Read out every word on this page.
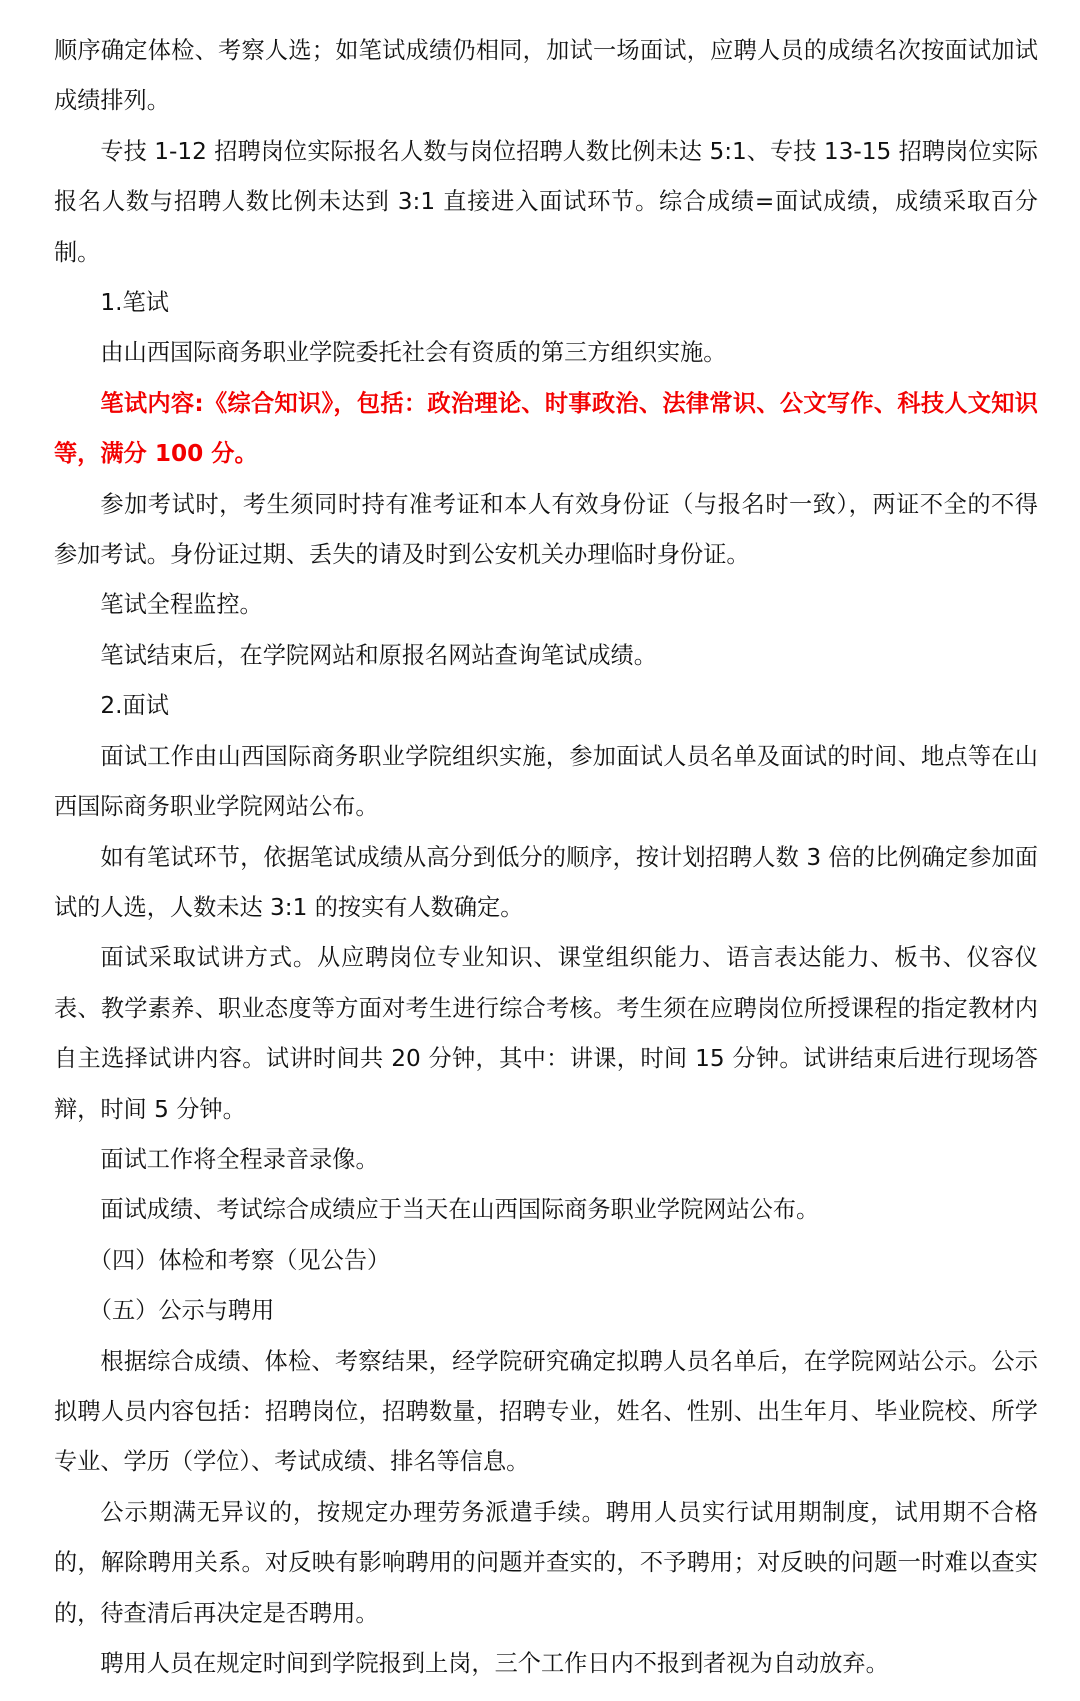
顺序确定体检、考察人选；如笔试成绩仍相同，加试一场面试，应聘人员的成绩名次按面试加试成绩排列。

专技 1-12 招聘岗位实际报名人数与岗位招聘人数比例未达 5:1、专技 13-15 招聘岗位实际报名人数与招聘人数比例未达到 3:1 直接进入面试环节。综合成绩=面试成绩，成绩采取百分制。

1.笔试

由山西国际商务职业学院委托社会有资质的第三方组织实施。

笔试内容:《综合知识》，包括：政治理论、时事政治、法律常识、公文写作、科技人文知识等，满分 100 分。

参加考试时，考生须同时持有准考证和本人有效身份证（与报名时一致），两证不全的不得参加考试。身份证过期、丢失的请及时到公安机关办理临时身份证。

笔试全程监控。

笔试结束后，在学院网站和原报名网站查询笔试成绩。

2.面试

面试工作由山西国际商务职业学院组织实施，参加面试人员名单及面试的时间、地点等在山西国际商务职业学院网站公布。

如有笔试环节，依据笔试成绩从高分到低分的顺序，按计划招聘人数 3 倍的比例确定参加面试的人选，人数未达 3:1 的按实有人数确定。

面试采取试讲方式。从应聘岗位专业知识、课堂组织能力、语言表达能力、板书、仪容仪表、教学素养、职业态度等方面对考生进行综合考核。考生须在应聘岗位所授课程的指定教材内自主选择试讲内容。试讲时间共 20 分钟，其中：讲课，时间 15 分钟。试讲结束后进行现场答辩，时间 5 分钟。

面试工作将全程录音录像。

面试成绩、考试综合成绩应于当天在山西国际商务职业学院网站公布。

（四）体检和考察（见公告）

（五）公示与聘用

根据综合成绩、体检、考察结果，经学院研究确定拟聘人员名单后，在学院网站公示。公示拟聘人员内容包括：招聘岗位，招聘数量，招聘专业，姓名、性别、出生年月、毕业院校、所学专业、学历（学位）、考试成绩、排名等信息。

公示期满无异议的，按规定办理劳务派遣手续。聘用人员实行试用期制度，试用期不合格的，解除聘用关系。对反映有影响聘用的问题并查实的，不予聘用；对反映的问题一时难以查实的，待查清后再决定是否聘用。

聘用人员在规定时间到学院报到上岗，三个工作日内不报到者视为自动放弃。
